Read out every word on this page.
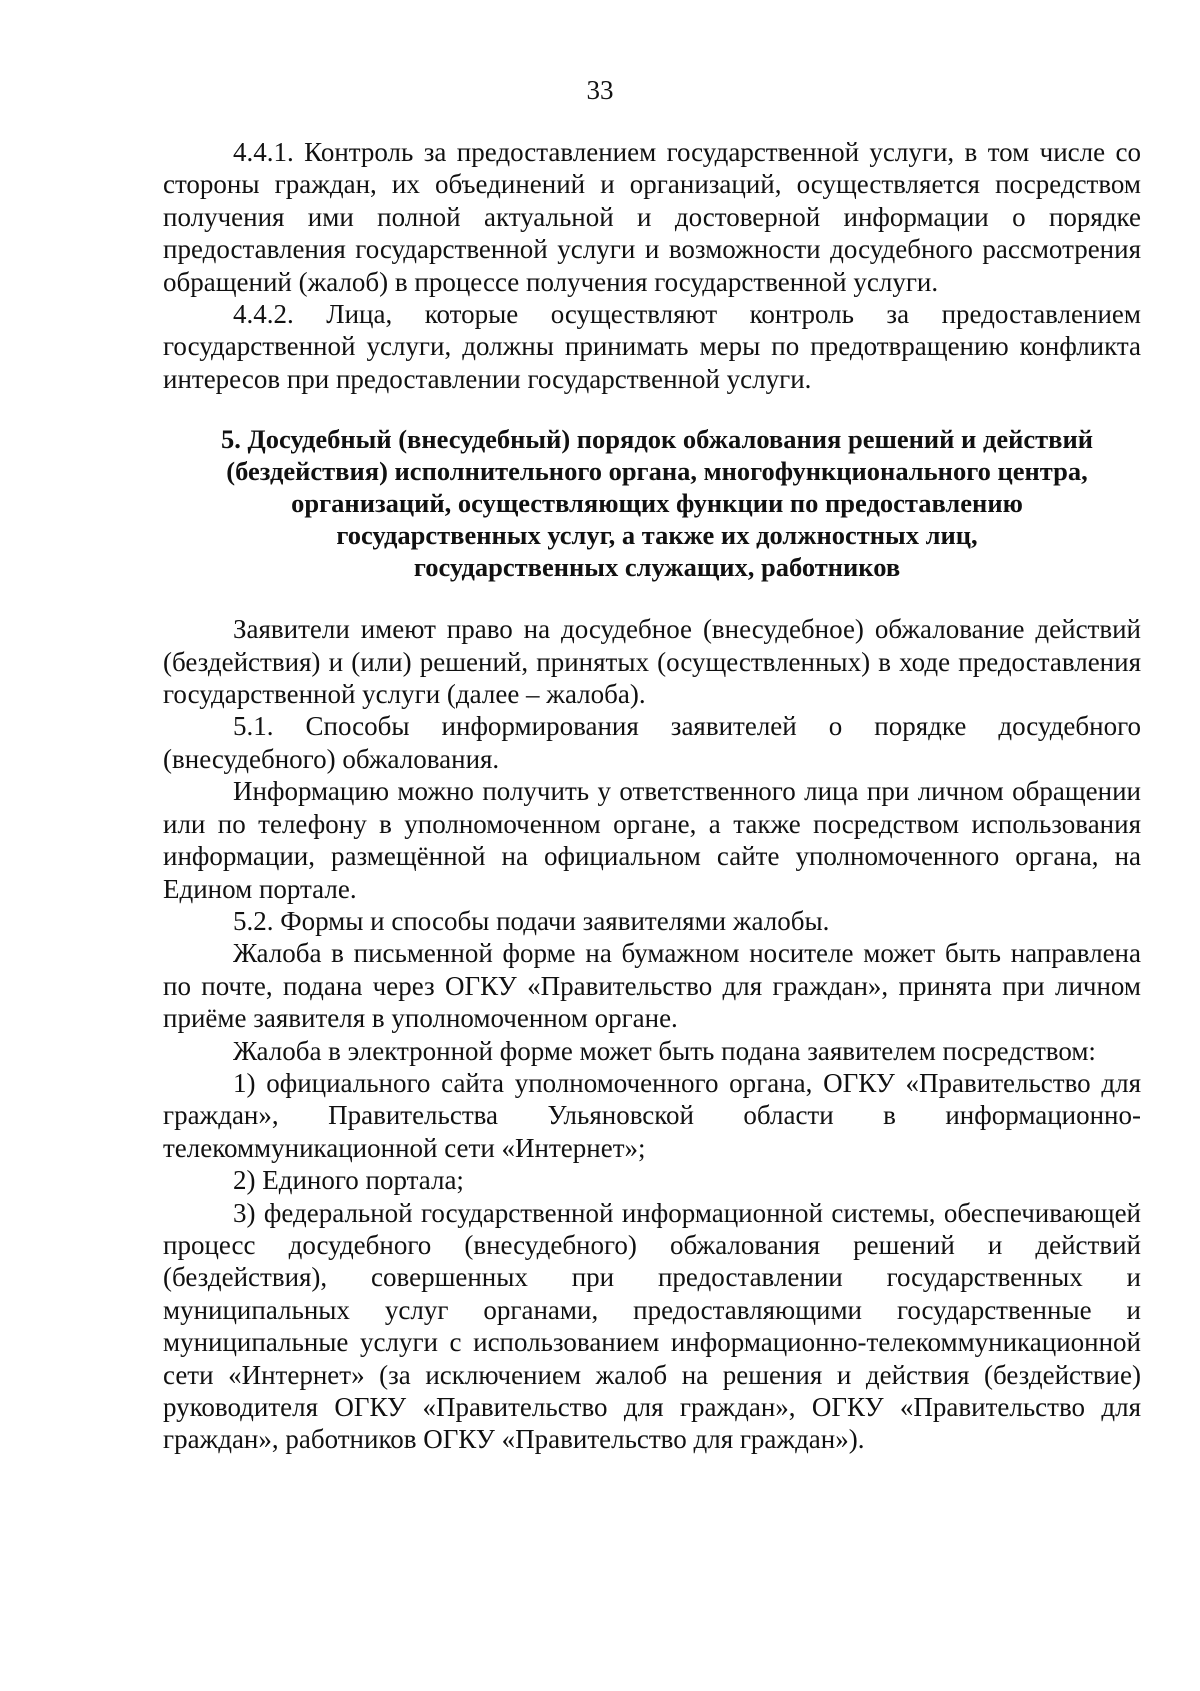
33

4.4.1. Контроль за предоставлением государственной услуги, в том числе со стороны граждан, их объединений и организаций, осуществляется посредством получения ими полной актуальной и достоверной информации о порядке предоставления государственной услуги и возможности досудебного рассмотрения обращений (жалоб) в процессе получения государственной услуги.

4.4.2. Лица, которые осуществляют контроль за предоставлением государственной услуги, должны принимать меры по предотвращению конфликта интересов при предоставлении государственной услуги.

5. Досудебный (внесудебный) порядок обжалования решений и действий
(бездействия) исполнительного органа, многофункционального центра,
организаций, осуществляющих функции по предоставлению
государственных услуг, а также их должностных лиц,
государственных служащих, работников

Заявители имеют право на досудебное (внесудебное) обжалование действий (бездействия) и (или) решений, принятых (осуществленных) в ходе предоставления государственной услуги (далее – жалоба).

5.1. Способы информирования заявителей о порядке досудебного (внесудебного) обжалования.

Информацию можно получить у ответственного лица при личном обращении или по телефону в уполномоченном органе, а также посредством использования информации, размещённой на официальном сайте уполномоченного органа, на Едином портале.

5.2. Формы и способы подачи заявителями жалобы.

Жалоба в письменной форме на бумажном носителе может быть направлена по почте, подана через ОГКУ «Правительство для граждан», принята при личном приёме заявителя в уполномоченном органе.

Жалоба в электронной форме может быть подана заявителем посредством:

1) официального сайта уполномоченного органа, ОГКУ «Правительство для граждан», Правительства Ульяновской области в информационно-телекоммуникационной сети «Интернет»;

2) Единого портала;

3) федеральной государственной информационной системы, обеспечивающей процесс досудебного (внесудебного) обжалования решений и действий (бездействия), совершенных при предоставлении государственных и муниципальных услуг органами, предоставляющими государственные и муниципальные услуги с использованием информационно-телекоммуникационной сети «Интернет» (за исключением жалоб на решения и действия (бездействие) руководителя ОГКУ «Правительство для граждан», ОГКУ «Правительство для граждан», работников ОГКУ «Правительство для граждан»).
